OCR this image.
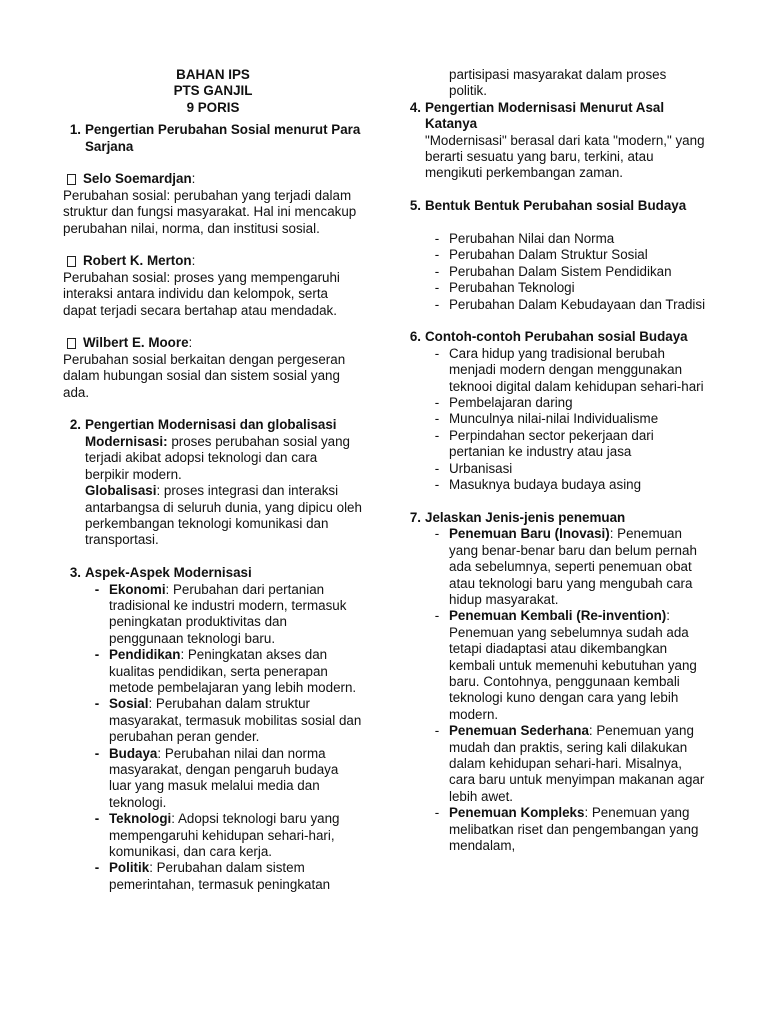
BAHAN IPS
PTS GANJIL
9 PORIS
1. Pengertian Perubahan Sosial menurut Para Sarjana
Selo Soemardjan:
Perubahan sosial: perubahan yang terjadi dalam struktur dan fungsi masyarakat. Hal ini mencakup perubahan nilai, norma, dan institusi sosial.
Robert K. Merton:
Perubahan sosial: proses yang mempengaruhi interaksi antara individu dan kelompok, serta dapat terjadi secara bertahap atau mendadak.
Wilbert E. Moore:
Perubahan sosial berkaitan dengan pergeseran dalam hubungan sosial dan sistem sosial yang ada.
2. Pengertian Modernisasi dan globalisasi
Modernisasi: proses perubahan sosial yang terjadi akibat adopsi teknologi dan cara berpikir modern.
Globalisasi: proses integrasi dan interaksi antarbangsa di seluruh dunia, yang dipicu oleh perkembangan teknologi komunikasi dan transportasi.
3. Aspek-Aspek Modernisasi
- Ekonomi: Perubahan dari pertanian tradisional ke industri modern, termasuk peningkatan produktivitas dan penggunaan teknologi baru.
- Pendidikan: Peningkatan akses dan kualitas pendidikan, serta penerapan metode pembelajaran yang lebih modern.
- Sosial: Perubahan dalam struktur masyarakat, termasuk mobilitas sosial dan perubahan peran gender.
- Budaya: Perubahan nilai dan norma masyarakat, dengan pengaruh budaya luar yang masuk melalui media dan teknologi.
- Teknologi: Adopsi teknologi baru yang mempengaruhi kehidupan sehari-hari, komunikasi, dan cara kerja.
- Politik: Perubahan dalam sistem pemerintahan, termasuk peningkatan
partisipasi masyarakat dalam proses politik.
4. Pengertian Modernisasi Menurut Asal Katanya
"Modernisasi" berasal dari kata "modern," yang berarti sesuatu yang baru, terkini, atau mengikuti perkembangan zaman.
5. Bentuk Bentuk Perubahan sosial Budaya
- Perubahan Nilai dan Norma
- Perubahan Dalam Struktur Sosial
- Perubahan Dalam Sistem Pendidikan
- Perubahan Teknologi
- Perubahan Dalam Kebudayaan dan Tradisi
6. Contoh-contoh Perubahan sosial Budaya
- Cara hidup yang tradisional berubah menjadi modern dengan menggunakan teknooi digital dalam kehidupan sehari-hari
- Pembelajaran daring
- Munculnya nilai-nilai Individualisme
- Perpindahan sector pekerjaan dari pertanian ke industry atau jasa
- Urbanisasi
- Masuknya budaya budaya asing
7. Jelaskan Jenis-jenis penemuan
- Penemuan Baru (Inovasi): Penemuan yang benar-benar baru dan belum pernah ada sebelumnya, seperti penemuan obat atau teknologi baru yang mengubah cara hidup masyarakat.
- Penemuan Kembali (Re-invention): Penemuan yang sebelumnya sudah ada tetapi diadaptasi atau dikembangkan kembali untuk memenuhi kebutuhan yang baru. Contohnya, penggunaan kembali teknologi kuno dengan cara yang lebih modern.
- Penemuan Sederhana: Penemuan yang mudah dan praktis, sering kali dilakukan dalam kehidupan sehari-hari. Misalnya, cara baru untuk menyimpan makanan agar lebih awet.
- Penemuan Kompleks: Penemuan yang melibatkan riset dan pengembangan yang mendalam,
